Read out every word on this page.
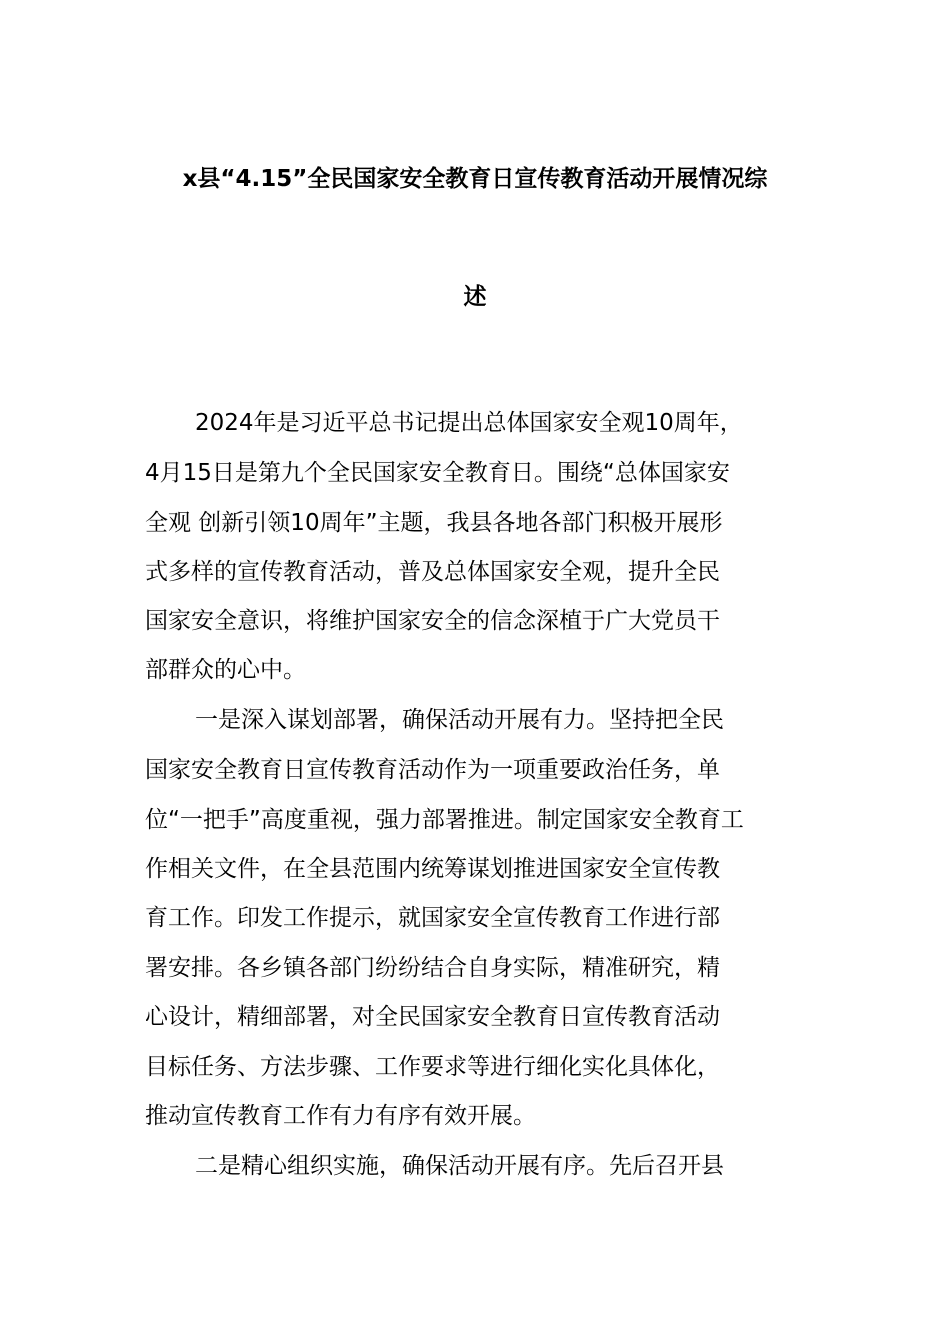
x县“4.15”全民国家安全教育日宣传教育活动开展情况综
述
2024年是习近平总书记提出总体国家安全观10周年，
4月15日是第九个全民国家安全教育日。围绕“总体国家安
全观 创新引领10周年”主题，我县各地各部门积极开展形
式多样的宣传教育活动，普及总体国家安全观，提升全民
国家安全意识，将维护国家安全的信念深植于广大党员干
部群众的心中。
一是深入谋划部署，确保活动开展有力。坚持把全民
国家安全教育日宣传教育活动作为一项重要政治任务，单
位“一把手”高度重视，强力部署推进。制定国家安全教育工
作相关文件，在全县范围内统筹谋划推进国家安全宣传教
育工作。印发工作提示，就国家安全宣传教育工作进行部
署安排。各乡镇各部门纷纷结合自身实际，精准研究，精
心设计，精细部署，对全民国家安全教育日宣传教育活动
目标任务、方法步骤、工作要求等进行细化实化具体化，
推动宣传教育工作有力有序有效开展。
二是精心组织实施，确保活动开展有序。先后召开县
